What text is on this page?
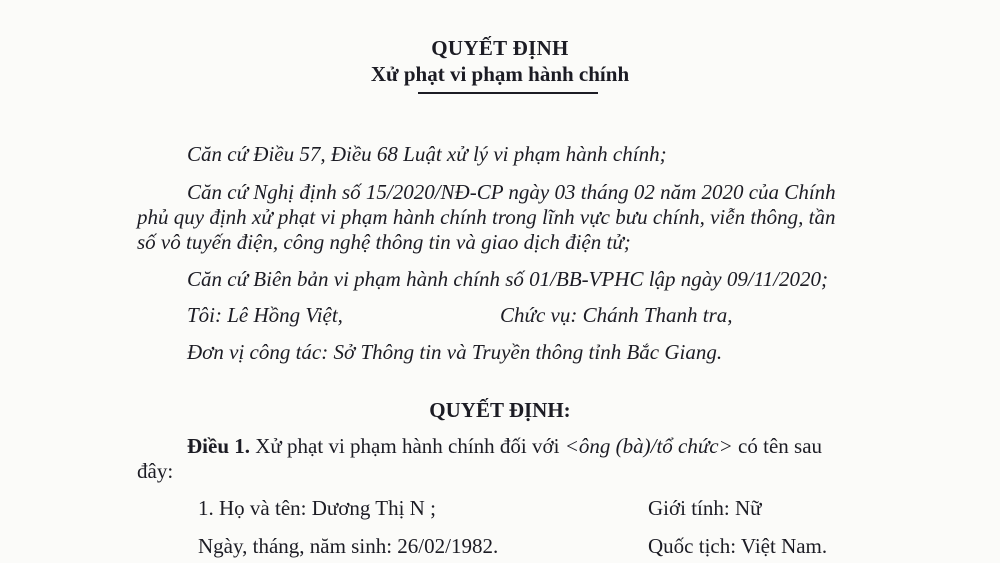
QUYẾT ĐỊNH
Xử phạt vi phạm hành chính
Căn cứ Điều 57, Điều 68 Luật xử lý vi phạm hành chính;
Căn cứ Nghị định số 15/2020/NĐ-CP ngày 03 tháng 02 năm 2020 của Chính
phủ quy định xử phạt vi phạm hành chính trong lĩnh vực bưu chính, viễn thông, tần
số vô tuyến điện, công nghệ thông tin và giao dịch điện tử;
Căn cứ Biên bản vi phạm hành chính số 01/BB-VPHC lập ngày 09/11/2020;
Tôi: Lê Hồng Việt,	Chức vụ: Chánh Thanh tra,
Đơn vị công tác: Sở Thông tin và Truyền thông tỉnh Bắc Giang.
QUYẾT ĐỊNH:
Điều 1. Xử phạt vi phạm hành chính đối với <ông (bà)/tổ chức> có tên sau
đây:
1. Họ và tên: Dương Thị N ;	Giới tính: Nữ
Ngày, tháng, năm sinh: 26/02/1982.	Quốc tịch: Việt Nam.
